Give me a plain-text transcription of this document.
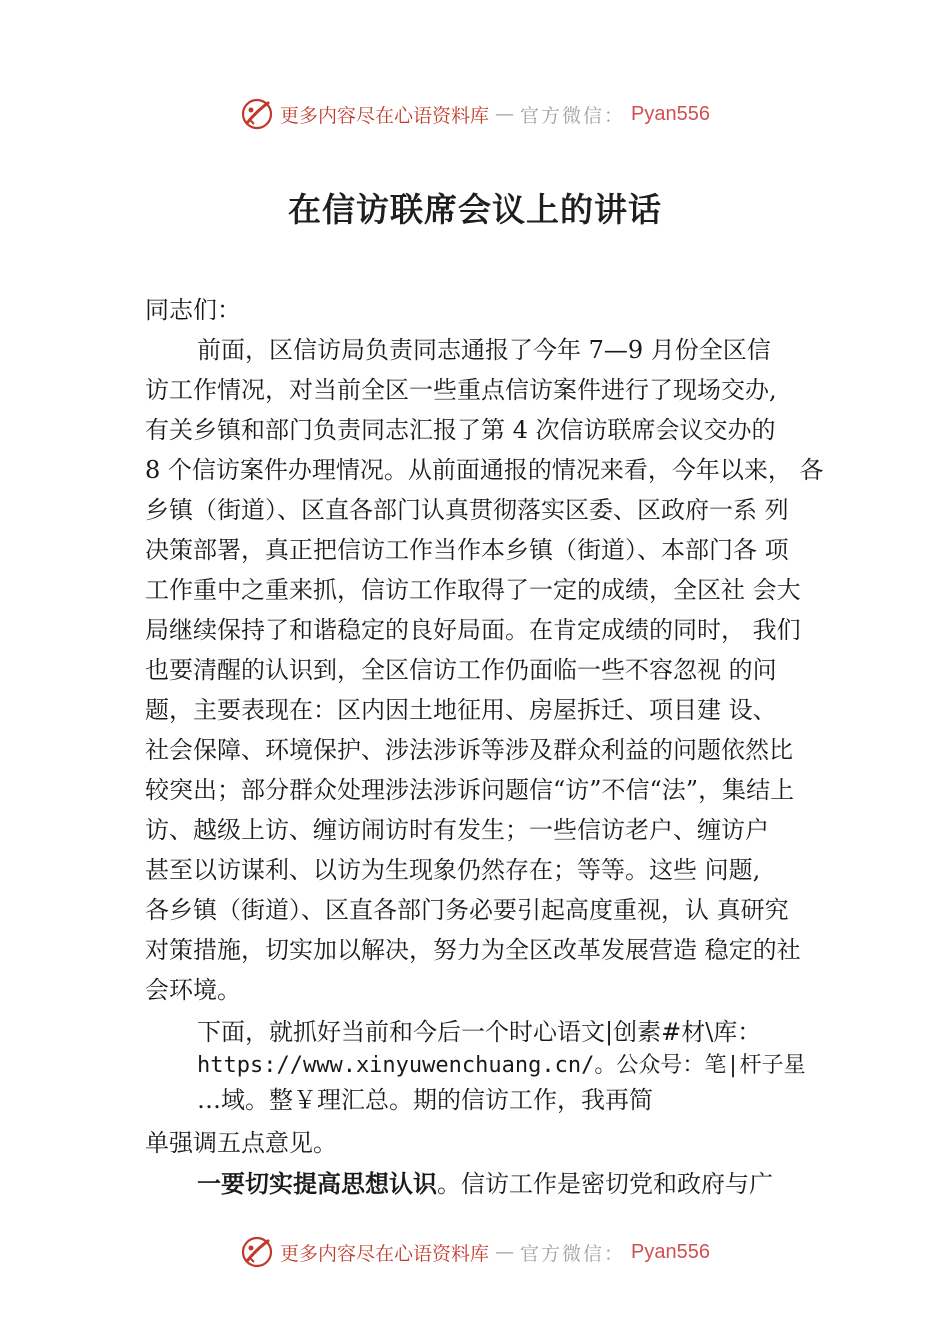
更多内容尽在心语资料库 — 官方微信： Pyan556
在信访联席会议上的讲话
同志们：
前面，区信访局负责同志通报了今年 7—9 月份全区信
访工作情况，对当前全区一些重点信访案件进行了现场交办,
有关乡镇和部门负责同志汇报了第 4 次信访联席会议交办的
8 个信访案件办理情况。从前面通报的情况来看，今年以来， 各
乡镇（街道）、区直各部门认真贯彻落实区委、区政府一系 列
决策部署，真正把信访工作当作本乡镇（街道）、本部门各 项
工作重中之重来抓，信访工作取得了一定的成绩，全区社 会大
局继续保持了和谐稳定的良好局面。在肯定成绩的同时， 我们
也要清醒的认识到，全区信访工作仍面临一些不容忽视 的问
题，主要表现在：区内因土地征用、房屋拆迁、项目建 设、
社会保障、环境保护、涉法涉诉等涉及群众利益的问题依然比
较突出；部分群众处理涉法涉诉问题信“访”不信“法”，集结上
访、越级上访、缠访闹访时有发生；一些信访老户、缠访户
甚至以访谋利、以访为生现象仍然存在；等等。这些 问题,
各乡镇（街道）、区直各部门务必要引起高度重视，认 真研究
对策措施，切实加以解决，努力为全区改革发展营造 稳定的社
会环境。
下面，就抓好当前和今后一个时心语文|创素#材\库：
https://www.xinyuwenchuang.cn/。公众号：笔|杆子星
…域。整￥理汇总。期的信访工作，我再简
单强调五点意见。
一要切实提高思想认识。信访工作是密切党和政府与广
更多内容尽在心语资料库 — 官方微信： Pyan556
